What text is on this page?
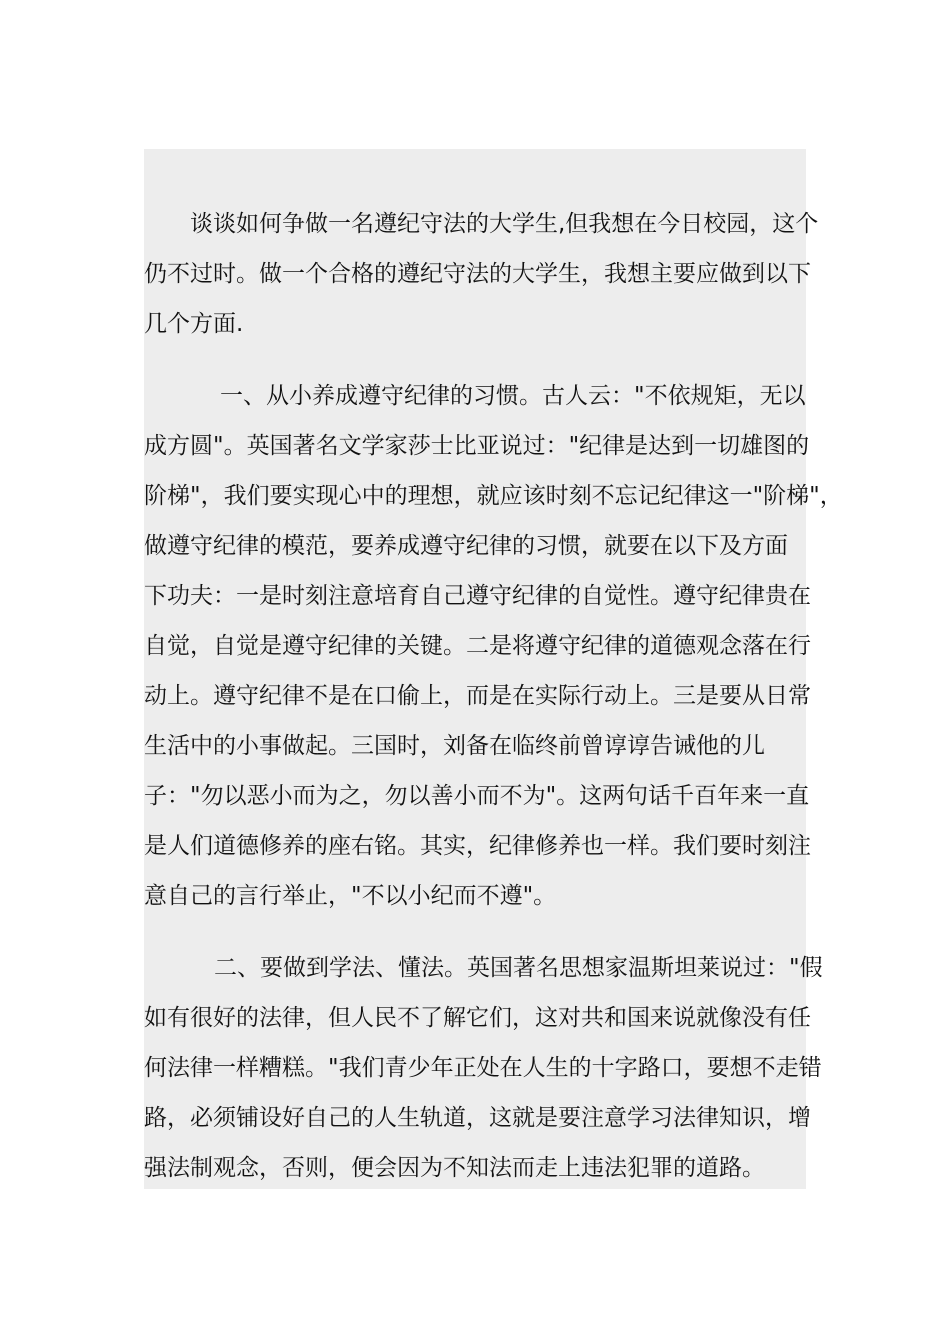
谈谈如何争做一名遵纪守法的大学生,但我想在今日校园，这个
仍不过时。做一个合格的遵纪守法的大学生，我想主要应做到以下
几个方面.
一、从小养成遵守纪律的习惯。古人云："不依规矩，无以
成方圆"。英国著名文学家莎士比亚说过："纪律是达到一切雄图的
阶梯"，我们要实现心中的理想，就应该时刻不忘记纪律这一"阶梯"，
做遵守纪律的模范，要养成遵守纪律的习惯，就要在以下及方面
下功夫：一是时刻注意培育自己遵守纪律的自觉性。遵守纪律贵在
自觉，自觉是遵守纪律的关键。二是将遵守纪律的道德观念落在行
动上。遵守纪律不是在口偷上，而是在实际行动上。三是要从日常
生活中的小事做起。三国时，刘备在临终前曾谆谆告诫他的儿
子："勿以恶小而为之，勿以善小而不为"。这两句话千百年来一直
是人们道德修养的座右铭。其实，纪律修养也一样。我们要时刻注
意自己的言行举止，"不以小纪而不遵"。
二、要做到学法、懂法。英国著名思想家温斯坦莱说过："假
如有很好的法律，但人民不了解它们，这对共和国来说就像没有任
何法律一样糟糕。"我们青少年正处在人生的十字路口，要想不走错
路，必须铺设好自己的人生轨道，这就是要注意学习法律知识，增
强法制观念，否则，便会因为不知法而走上违法犯罪的道路。
